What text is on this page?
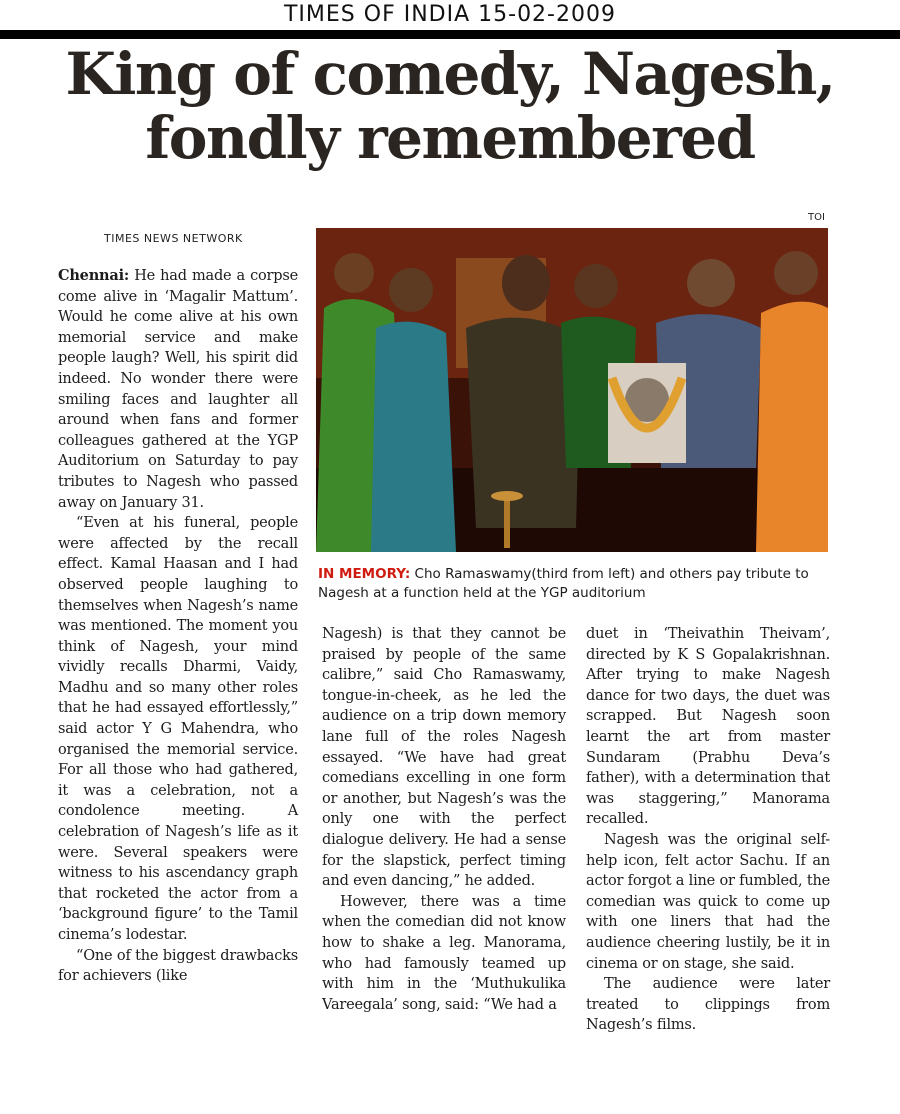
TIMES OF INDIA 15-02-2009
King of comedy, Nagesh,
fondly remembered
TIMES NEWS NETWORK
TOI
IN MEMORY: Cho Ramaswamy(third from left) and others pay tribute to Nagesh at a function held at the YGP auditorium

Chennai: He had made a corpse come alive in ‘Magalir Mattum’. Would he come alive at his own memorial service and make people laugh? Well, his spirit did indeed. No wonder there were smiling faces and laughter all around when fans and former colleagues gathered at the YGP Auditorium on Saturday to pay tributes to Nagesh who passed away on January 31.

“Even at his funeral, people were affected by the recall effect. Kamal Haasan and I had observed people laughing to themselves when Nagesh’s name was mentioned. The moment you think of Nagesh, your mind vividly recalls Dharmi, Vaidy, Madhu and so many other roles that he had essayed effortlessly,” said actor Y G Mahendra, who organised the memorial service. For all those who had gathered, it was a celebration, not a condolence meeting. A celebration of Nagesh’s life as it were. Several speakers were witness to his ascendancy graph that rocketed the actor from a ‘background figure’ to the Tamil cinema’s lodestar.

“One of the biggest drawbacks for achievers (like

Nagesh) is that they cannot be praised by people of the same calibre,” said Cho Ramaswamy, tongue-in-cheek, as he led the audience on a trip down memory lane full of the roles Nagesh essayed. “We have had great comedians excelling in one form or another, but Nagesh’s was the only one with the perfect dialogue delivery. He had a sense for the slapstick, perfect timing and even dancing,” he added.

However, there was a time when the comedian did not know how to shake a leg. Manorama, who had famously teamed up with him in the ‘Muthukulika Vareegala’ song, said: “We had a

duet in ‘Theivathin Theivam’, directed by K S Gopalakrishnan. After trying to make Nagesh dance for two days, the duet was scrapped. But Nagesh soon learnt the art from master Sundaram (Prabhu Deva’s father), with a determination that was staggering,” Manorama recalled.

Nagesh was the original self-help icon, felt actor Sachu. If an actor forgot a line or fumbled, the comedian was quick to come up with one liners that had the audience cheering lustily, be it in cinema or on stage, she said.

The audience were later treated to clippings from Nagesh’s films.
